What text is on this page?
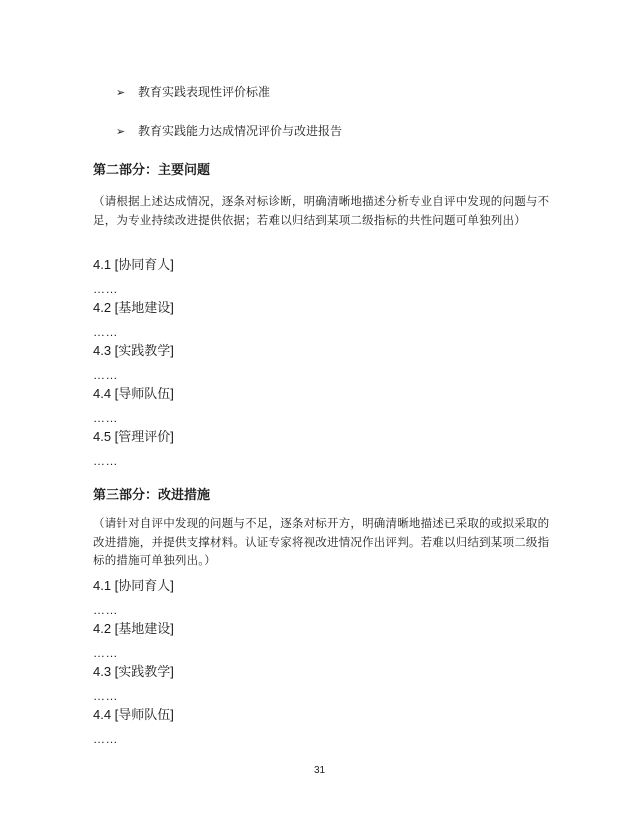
➢ 教育实践表现性评价标准
➢ 教育实践能力达成情况评价与改进报告
第二部分：主要问题
（请根据上述达成情况，逐条对标诊断，明确清晰地描述分析专业自评中发现的问题与不足，为专业持续改进提供依据；若难以归结到某项二级指标的共性问题可单独列出）
4.1 [协同育人]
……
4.2 [基地建设]
……
4.3 [实践教学]
……
4.4 [导师队伍]
……
4.5 [管理评价]
……
第三部分：改进措施
（请针对自评中发现的问题与不足，逐条对标开方，明确清晰地描述已采取的或拟采取的改进措施，并提供支撑材料。认证专家将视改进情况作出评判。若难以归结到某项二级指标的措施可单独列出。）
4.1 [协同育人]
……
4.2 [基地建设]
……
4.3 [实践教学]
……
4.4 [导师队伍]
……
31
